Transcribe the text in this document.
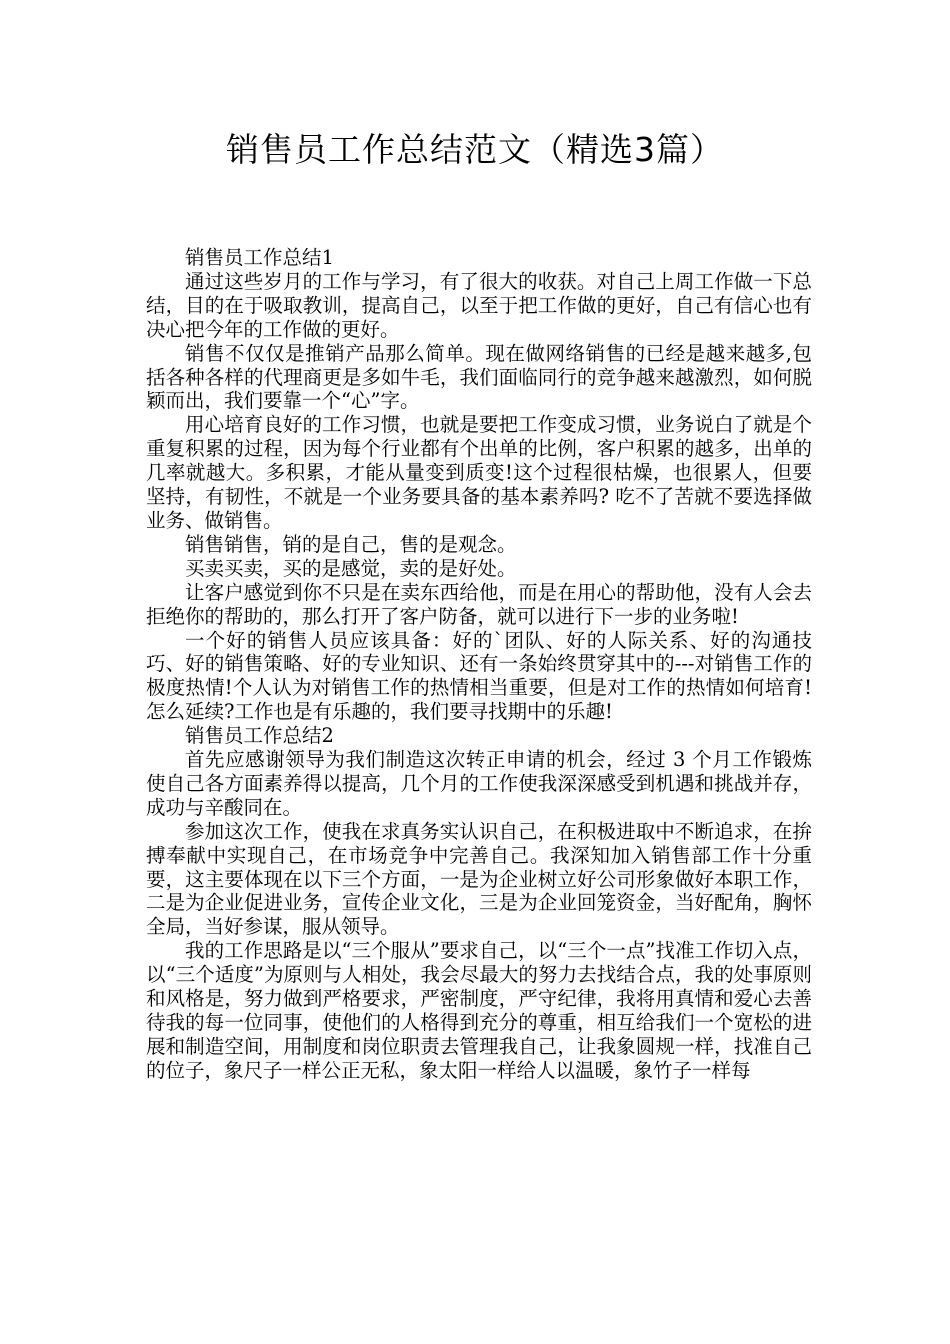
销售员工作总结范文（精选3篇）

销售员工作总结1

通过这些岁月的工作与学习，有了很大的收获。对自己上周工作做一下总结，目的在于吸取教训，提高自己，以至于把工作做的更好，自己有信心也有决心把今年的工作做的更好。

销售不仅仅是推销产品那么简单。现在做网络销售的已经是越来越多,包括各种各样的代理商更是多如牛毛，我们面临同行的竞争越来越激烈，如何脱颖而出，我们要靠一个“心”字。

用心培育良好的工作习惯，也就是要把工作变成习惯，业务说白了就是个重复积累的过程，因为每个行业都有个出单的比例，客户积累的越多，出单的几率就越大。多积累，才能从量变到质变!这个过程很枯燥，也很累人，但要坚持，有韧性，不就是一个业务要具备的基本素养吗? 吃不了苦就不要选择做业务、做销售。

销售销售，销的是自己，售的是观念。

买卖买卖，买的是感觉，卖的是好处。

让客户感觉到你不只是在卖东西给他，而是在用心的帮助他，没有人会去拒绝你的帮助的，那么打开了客户防备，就可以进行下一步的业务啦!

一个好的销售人员应该具备：好的`团队、好的人际关系、好的沟通技巧、好的销售策略、好的专业知识、还有一条始终贯穿其中的---对销售工作的极度热情!个人认为对销售工作的热情相当重要，但是对工作的热情如何培育!怎么延续?工作也是有乐趣的，我们要寻找期中的乐趣!

销售员工作总结2

首先应感谢领导为我们制造这次转正申请的机会，经过 3 个月工作锻炼使自己各方面素养得以提高，几个月的工作使我深深感受到机遇和挑战并存，成功与辛酸同在。

参加这次工作，使我在求真务实认识自己，在积极进取中不断追求，在拚搏奉献中实现自己，在市场竞争中完善自己。我深知加入销售部工作十分重要，这主要体现在以下三个方面，一是为企业树立好公司形象做好本职工作，二是为企业促进业务，宣传企业文化，三是为企业回笼资金，当好配角，胸怀全局，当好参谋，服从领导。

我的工作思路是以“三个服从”要求自己，以“三个一点”找准工作切入点，以“三个适度”为原则与人相处，我会尽最大的努力去找结合点，我的处事原则和风格是，努力做到严格要求，严密制度，严守纪律，我将用真情和爱心去善待我的每一位同事，使他们的人格得到充分的尊重，相互给我们一个宽松的进展和制造空间，用制度和岗位职责去管理我自己，让我象圆规一样，找准自己的位子，象尺子一样公正无私，象太阳一样给人以温暖，象竹子一样每
